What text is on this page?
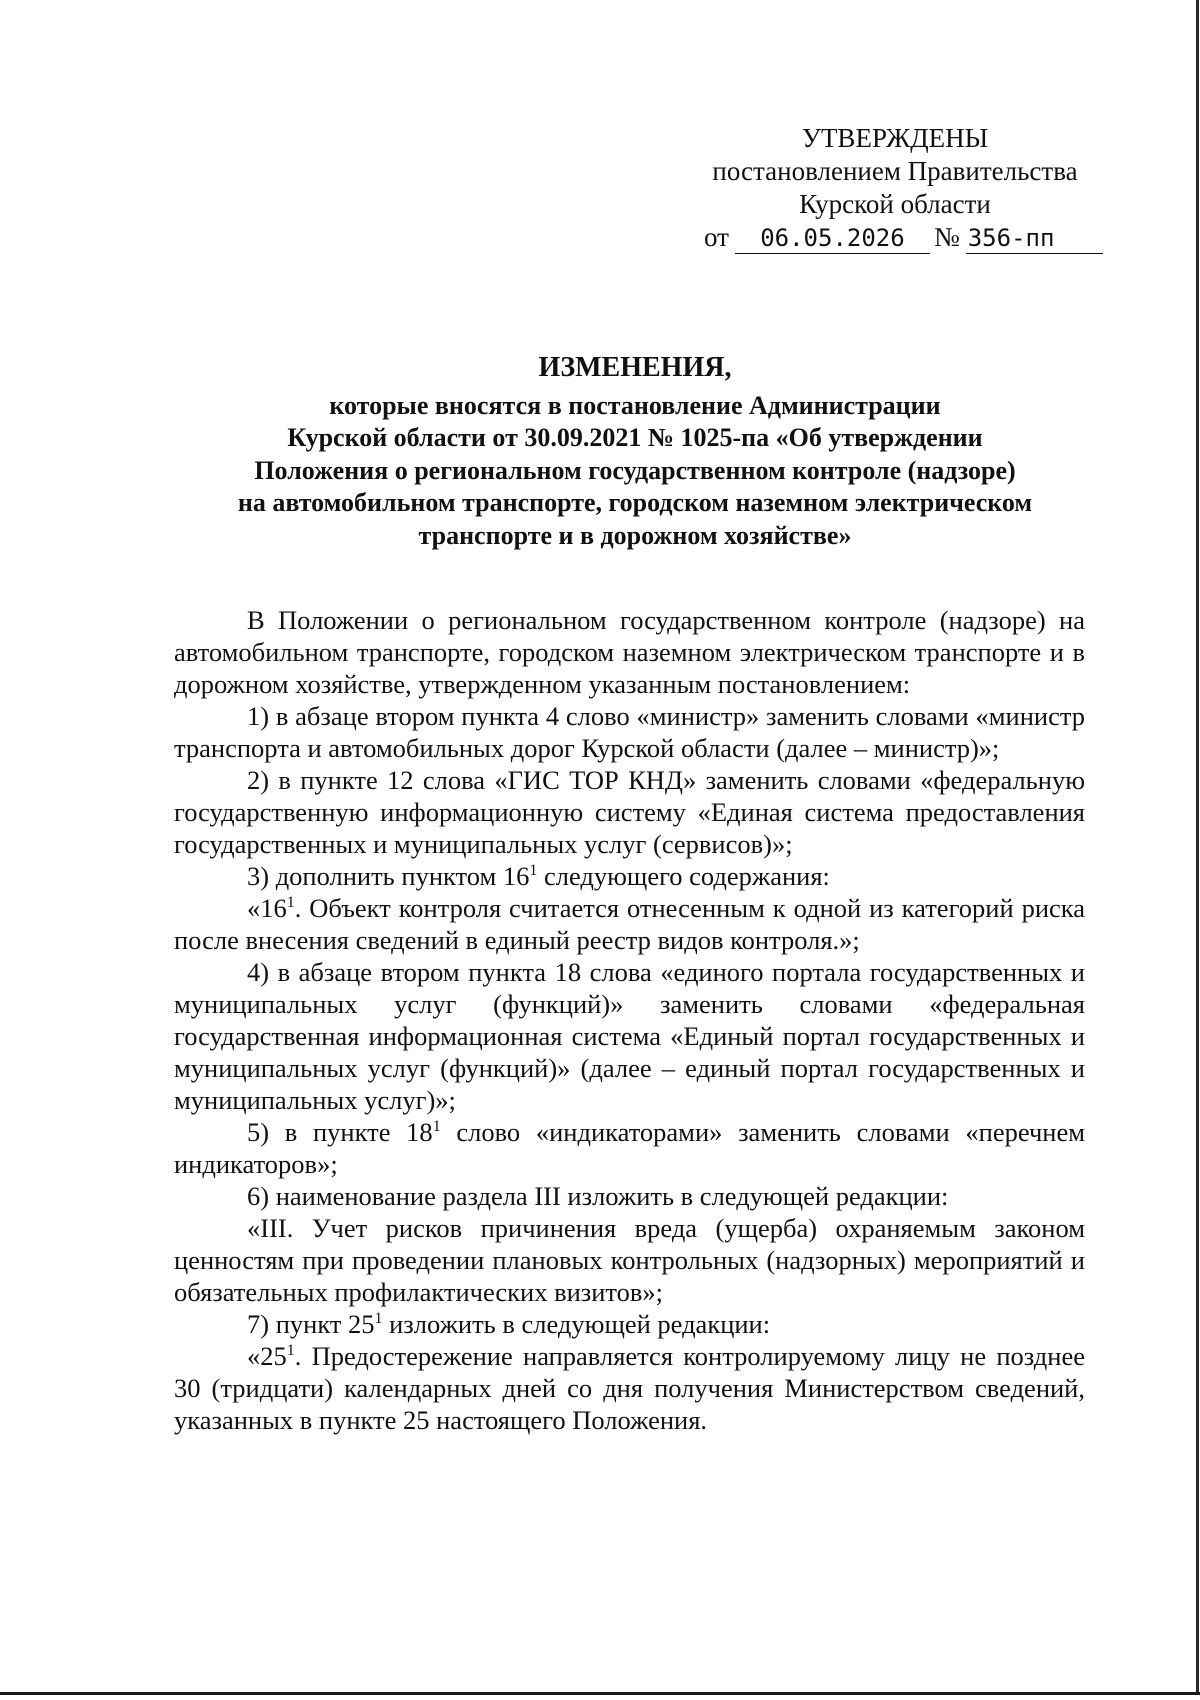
УТВЕРЖДЕНЫ
постановлением Правительства
Курской области
от 06.05.2026 № 356-пп
ИЗМЕНЕНИЯ,
которые вносятся в постановление Администрации
Курской области от 30.09.2021 № 1025-па «Об утверждении
Положения о региональном государственном контроле (надзоре)
на автомобильном транспорте, городском наземном электрическом
транспорте и в дорожном хозяйстве»

В Положении о региональном государственном контроле (надзоре) на автомобильном транспорте, городском наземном электрическом транспорте и в дорожном хозяйстве, утвержденном указанным постановлением:

1) в абзаце втором пункта 4 слово «министр» заменить словами «министр транспорта и автомобильных дорог Курской области (далее – министр)»;

2) в пункте 12 слова «ГИС ТОР КНД» заменить словами «федеральную государственную информационную систему «Единая система предоставления государственных и муниципальных услуг (сервисов)»;

3) дополнить пунктом $16^1$ следующего содержания:

«$16^1$. Объект контроля считается отнесенным к одной из категорий риска после внесения сведений в единый реестр видов контроля.»;

4) в абзаце втором пункта 18 слова «единого портала государственных и муниципальных услуг (функций)» заменить словами «федеральная государственная информационная система «Единый портал государственных и муниципальных услуг (функций)» (далее – единый портал государственных и муниципальных услуг)»;

5) в пункте $18^1$ слово «индикаторами» заменить словами «перечнем индикаторов»;

6) наименование раздела III изложить в следующей редакции:

«III. Учет рисков причинения вреда (ущерба) охраняемым законом ценностям при проведении плановых контрольных (надзорных) мероприятий и обязательных профилактических визитов»;

7) пункт $25^1$ изложить в следующей редакции:

«$25^1$. Предостережение направляется контролируемому лицу не позднее 30 (тридцати) календарных дней со дня получения Министерством сведений, указанных в пункте 25 настоящего Положения.
